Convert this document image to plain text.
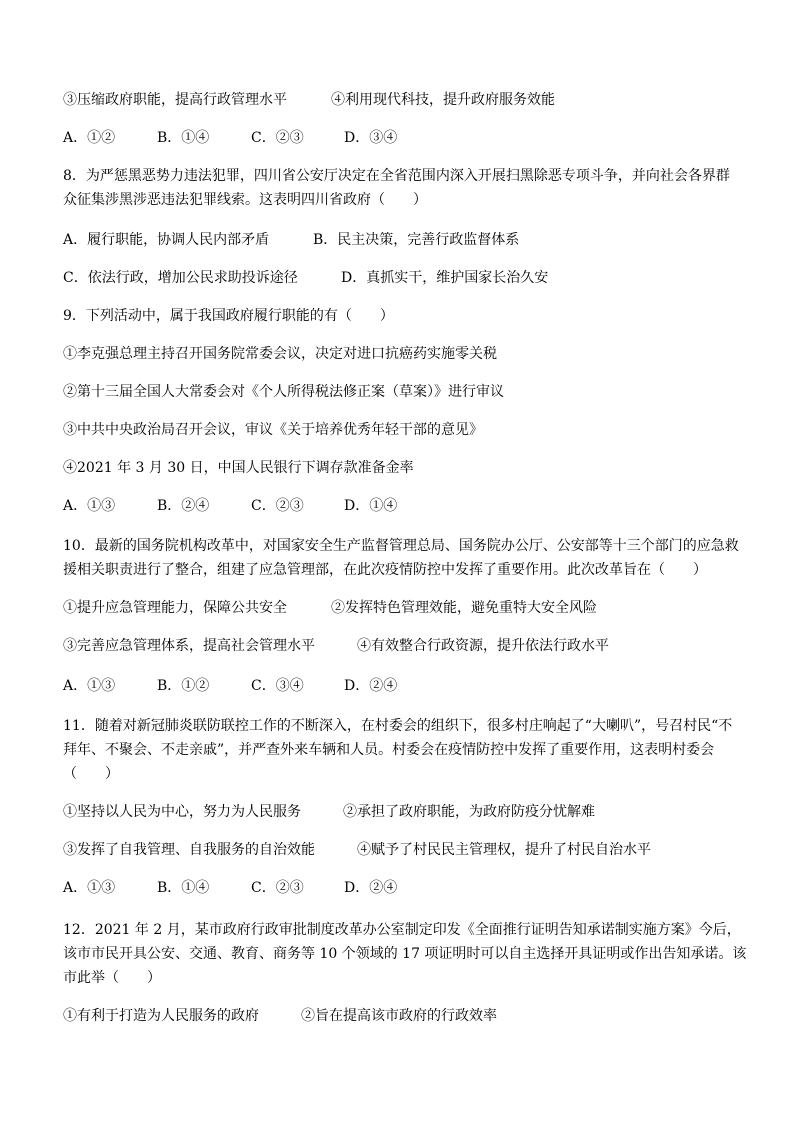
③压缩政府职能，提高行政管理水平	④利用现代科技，提升政府服务效能
A．①②	B．①④	C．②③	D．③④
8．为严惩黑恶势力违法犯罪，四川省公安厅决定在全省范围内深入开展扫黑除恶专项斗争，并向社会各界群
众征集涉黑涉恶违法犯罪线索。这表明四川省政府（　　）
A．履行职能，协调人民内部矛盾	B．民主决策，完善行政监督体系
C．依法行政，增加公民求助投诉途径	D．真抓实干，维护国家长治久安
9．下列活动中，属于我国政府履行职能的有（　　）
①李克强总理主持召开国务院常委会议，决定对进口抗癌药实施零关税
②第十三届全国人大常委会对《个人所得税法修正案（草案）》进行审议
③中共中央政治局召开会议，审议《关于培养优秀年轻干部的意见》
④2021 年 3 月 30 日，中国人民银行下调存款准备金率
A．①③	B．②④	C．②③	D．①④
10．最新的国务院机构改革中，对国家安全生产监督管理总局、国务院办公厅、公安部等十三个部门的应急救
援相关职责进行了整合，组建了应急管理部，在此次疫情防控中发挥了重要作用。此次改革旨在（　　）
①提升应急管理能力，保障公共安全	②发挥特色管理效能，避免重特大安全风险
③完善应急管理体系，提高社会管理水平	④有效整合行政资源，提升依法行政水平
A．①③	B．①②	C．③④	D．②④
11．随着对新冠肺炎联防联控工作的不断深入，在村委会的组织下，很多村庄响起了“大喇叭”，号召村民“不
拜年、不聚会、不走亲戚”，并严查外来车辆和人员。村委会在疫情防控中发挥了重要作用，这表明村委会
（　　）
①坚持以人民为中心，努力为人民服务	②承担了政府职能，为政府防疫分忧解难
③发挥了自我管理、自我服务的自治效能	④赋予了村民民主管理权，提升了村民自治水平
A．①③	B．①④	C．②③	D．②④
12．2021 年 2 月，某市政府行政审批制度改革办公室制定印发《全面推行证明告知承诺制实施方案》今后，
该市市民开具公安、交通、教育、商务等 10 个领域的 17 项证明时可以自主选择开具证明或作出告知承诺。该
市此举（　　）
①有利于打造为人民服务的政府	②旨在提高该市政府的行政效率
